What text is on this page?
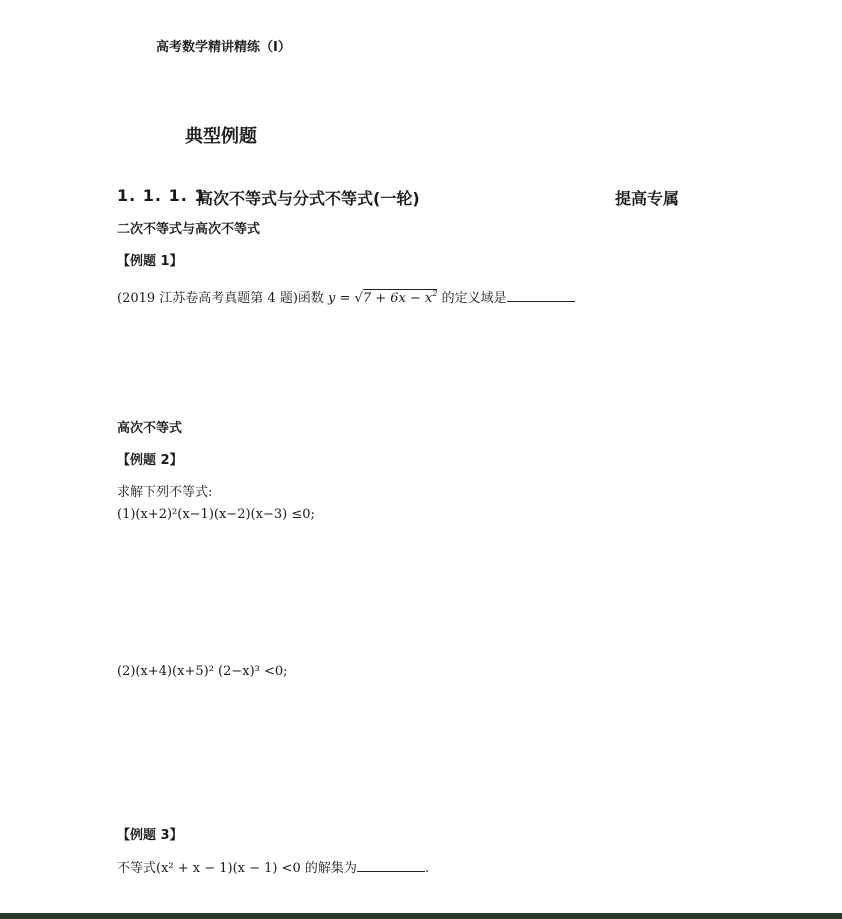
高考数学精讲精练（Ⅰ）
典型例题
1. 1. 1. 1
高次不等式与分式不等式(一轮)	提高专属
二次不等式与高次不等式
【例题 1】
(2019 江苏卷高考真题第 4 题)函数 $y = √7 + 6x - x^2$ 的定义域是
高次不等式
【例题 2】
求解下列不等式:
(1)(x+2)²(x−1)(x−2)(x−3) ≤0;
(2)(x+4)(x+5)² (2−x)³ <0;
【例题 3】
不等式(x² + x − 1)(x − 1) <0 的解集为	.
